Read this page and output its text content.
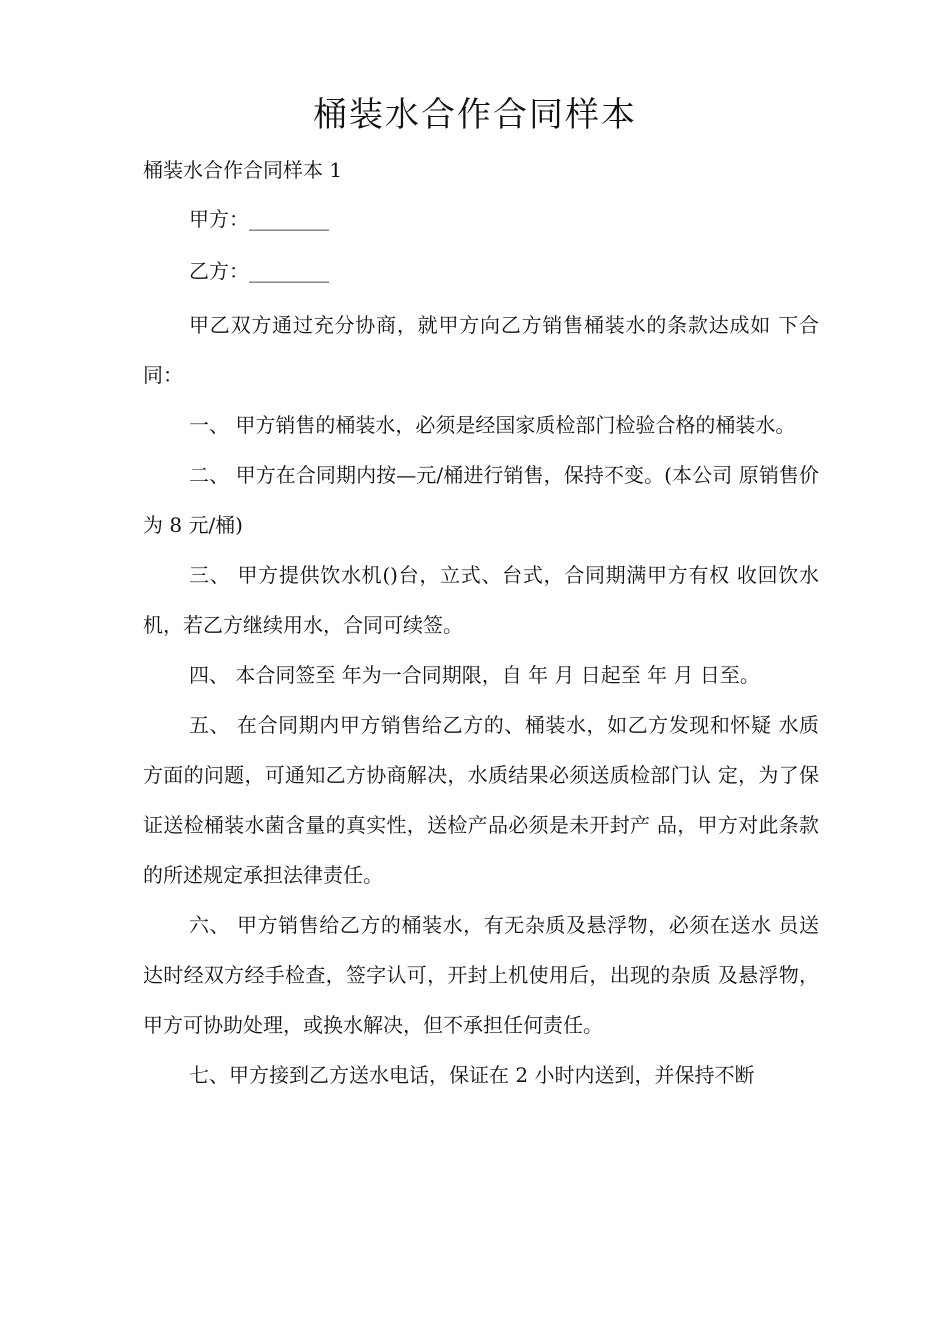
桶装水合作合同样本
桶装水合作合同样本 1
甲方：________
乙方：________

甲乙双方通过充分协商，就甲方向乙方销售桶装水的条款达成如 下合同：

一、 甲方销售的桶装水，必须是经国家质检部门检验合格的桶装水。

二、 甲方在合同期内按—元/桶进行销售，保持不变。(本公司 原销售价为 8 元/桶)

三、 甲方提供饮水机()台，立式、台式，合同期满甲方有权 收回饮水机，若乙方继续用水，合同可续签。

四、 本合同签至 年为一合同期限，自 年 月 日起至 年 月 日至。

五、 在合同期内甲方销售给乙方的、桶装水，如乙方发现和怀疑 水质方面的问题，可通知乙方协商解决，水质结果必须送质检部门认 定，为了保证送检桶装水菌含量的真实性，送检产品必须是未开封产 品，甲方对此条款的所述规定承担法律责任。

六、 甲方销售给乙方的桶装水，有无杂质及悬浮物，必须在送水 员送达时经双方经手检查，签字认可，开封上机使用后，出现的杂质 及悬浮物，甲方可协助处理，或换水解决，但不承担任何责任。

七、甲方接到乙方送水电话，保证在 2 小时内送到，并保持不断
